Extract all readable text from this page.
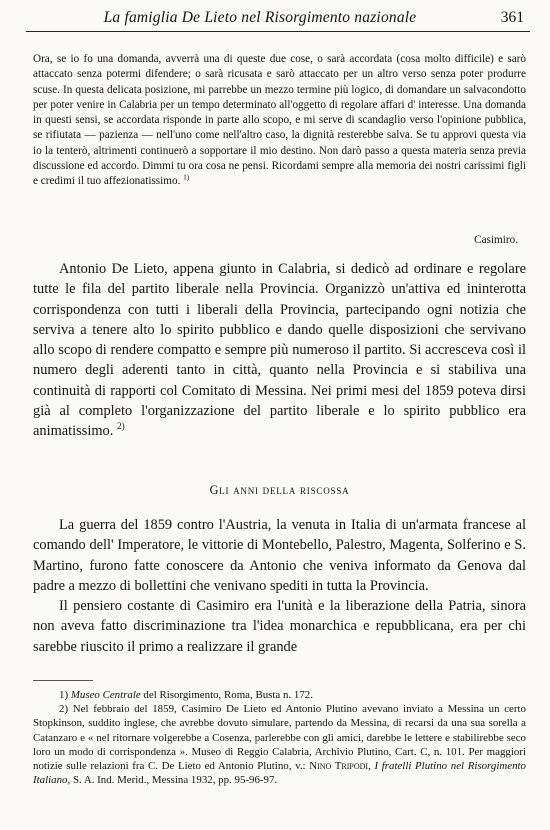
La famiglia De Lieto nel Risorgimento nazionale	361

Ora, se io fo una domanda, avverrà una di queste due cose, o sarà accordata (cosa molto difficile) e sarò attaccato senza potermi difendere; o sarà ricusata e sarò attaccato per un altro verso senza poter produrre scuse. In questa delicata posizione, mi parrebbe un mezzo termine più logico, di domandare un salvacondotto per poter venire in Calabria per un tempo determinato all'oggetto di regolare affari d' interesse. Una domanda in questi sensi, se accordata risponde in parte allo scopo, e mi serve di scandaglio verso l'opinione pubblica, se rifiutata — pazienza — nell'uno come nell'altro caso, la dignità resterebbe salva. Se tu approvi questa via io la tenterò, altrimenti continuerò a sopportare il mio destino. Non darò passo a questa materia senza previa discussione ed accordo. Dimmi tu ora cosa ne pensi. Ricordami sempre alla memoria dei nostri carissimi figli e credimi il tuo affezionatissimo. $^{1)}$

Casimiro.

Antonio De Lieto, appena giunto in Calabria, si dedicò ad ordinare e regolare tutte le fila del partito liberale nella Provincia. Organizzò un'attiva ed ininterotta corrispondenza con tutti i liberali della Provincia, partecipando ogni notizia che serviva a tenere alto lo spirito pubblico e dando quelle disposizioni che servivano allo scopo di rendere compatto e sempre più numeroso il partito. Si accresceva così il numero degli aderenti tanto in città, quanto nella Provincia e si stabiliva una continuità di rapporti col Comitato di Messina. Nei primi mesi del 1859 poteva dirsi già al completo l'organizzazione del partito liberale e lo spirito pubblico era animatissimo. $^{2)}$

Gli anni della riscossa

La guerra del 1859 contro l'Austria, la venuta in Italia di un'armata francese al comando dell' Imperatore, le vittorie di Montebello, Palestro, Magenta, Solferino e S. Martino, furono fatte conoscere da Antonio che veniva informato da Genova dal padre a mezzo di bollettini che venivano spediti in tutta la Provincia.

Il pensiero costante di Casimiro era l'unità e la liberazione della Patria, sinora non aveva fatto discriminazione tra l'idea monarchica e repubblicana, era per chi sarebbe riuscito il primo a realizzare il grande

1) Museo Centrale del Risorgimento, Roma, Busta n. 172.

2) Nel febbraio del 1859, Casimiro De Lieto ed Antonio Plutino avevano inviato a Messina un certo Stopkinson, suddito inglese, che avrebbe dovuto simulare, partendo da Messina, di recarsi da una sua sorella a Catanzaro e « nel ritornare volgerebbe a Cosenza, parlerebbe con gli amici, darebbe le lettere e stabilirebbe seco loro un modo di corrispondenza ». Museo di Reggio Calabria, Archivio Plutino, Cart. C, n. 101. Per maggiori notizie sulle relazioni fra C. De Lieto ed Antonio Plutino, v.: Nino Tripodi, I fratelli Plutino nel Risorgimento Italiano, S. A. Ind. Merid., Messina 1932, pp. 95-96-97.
